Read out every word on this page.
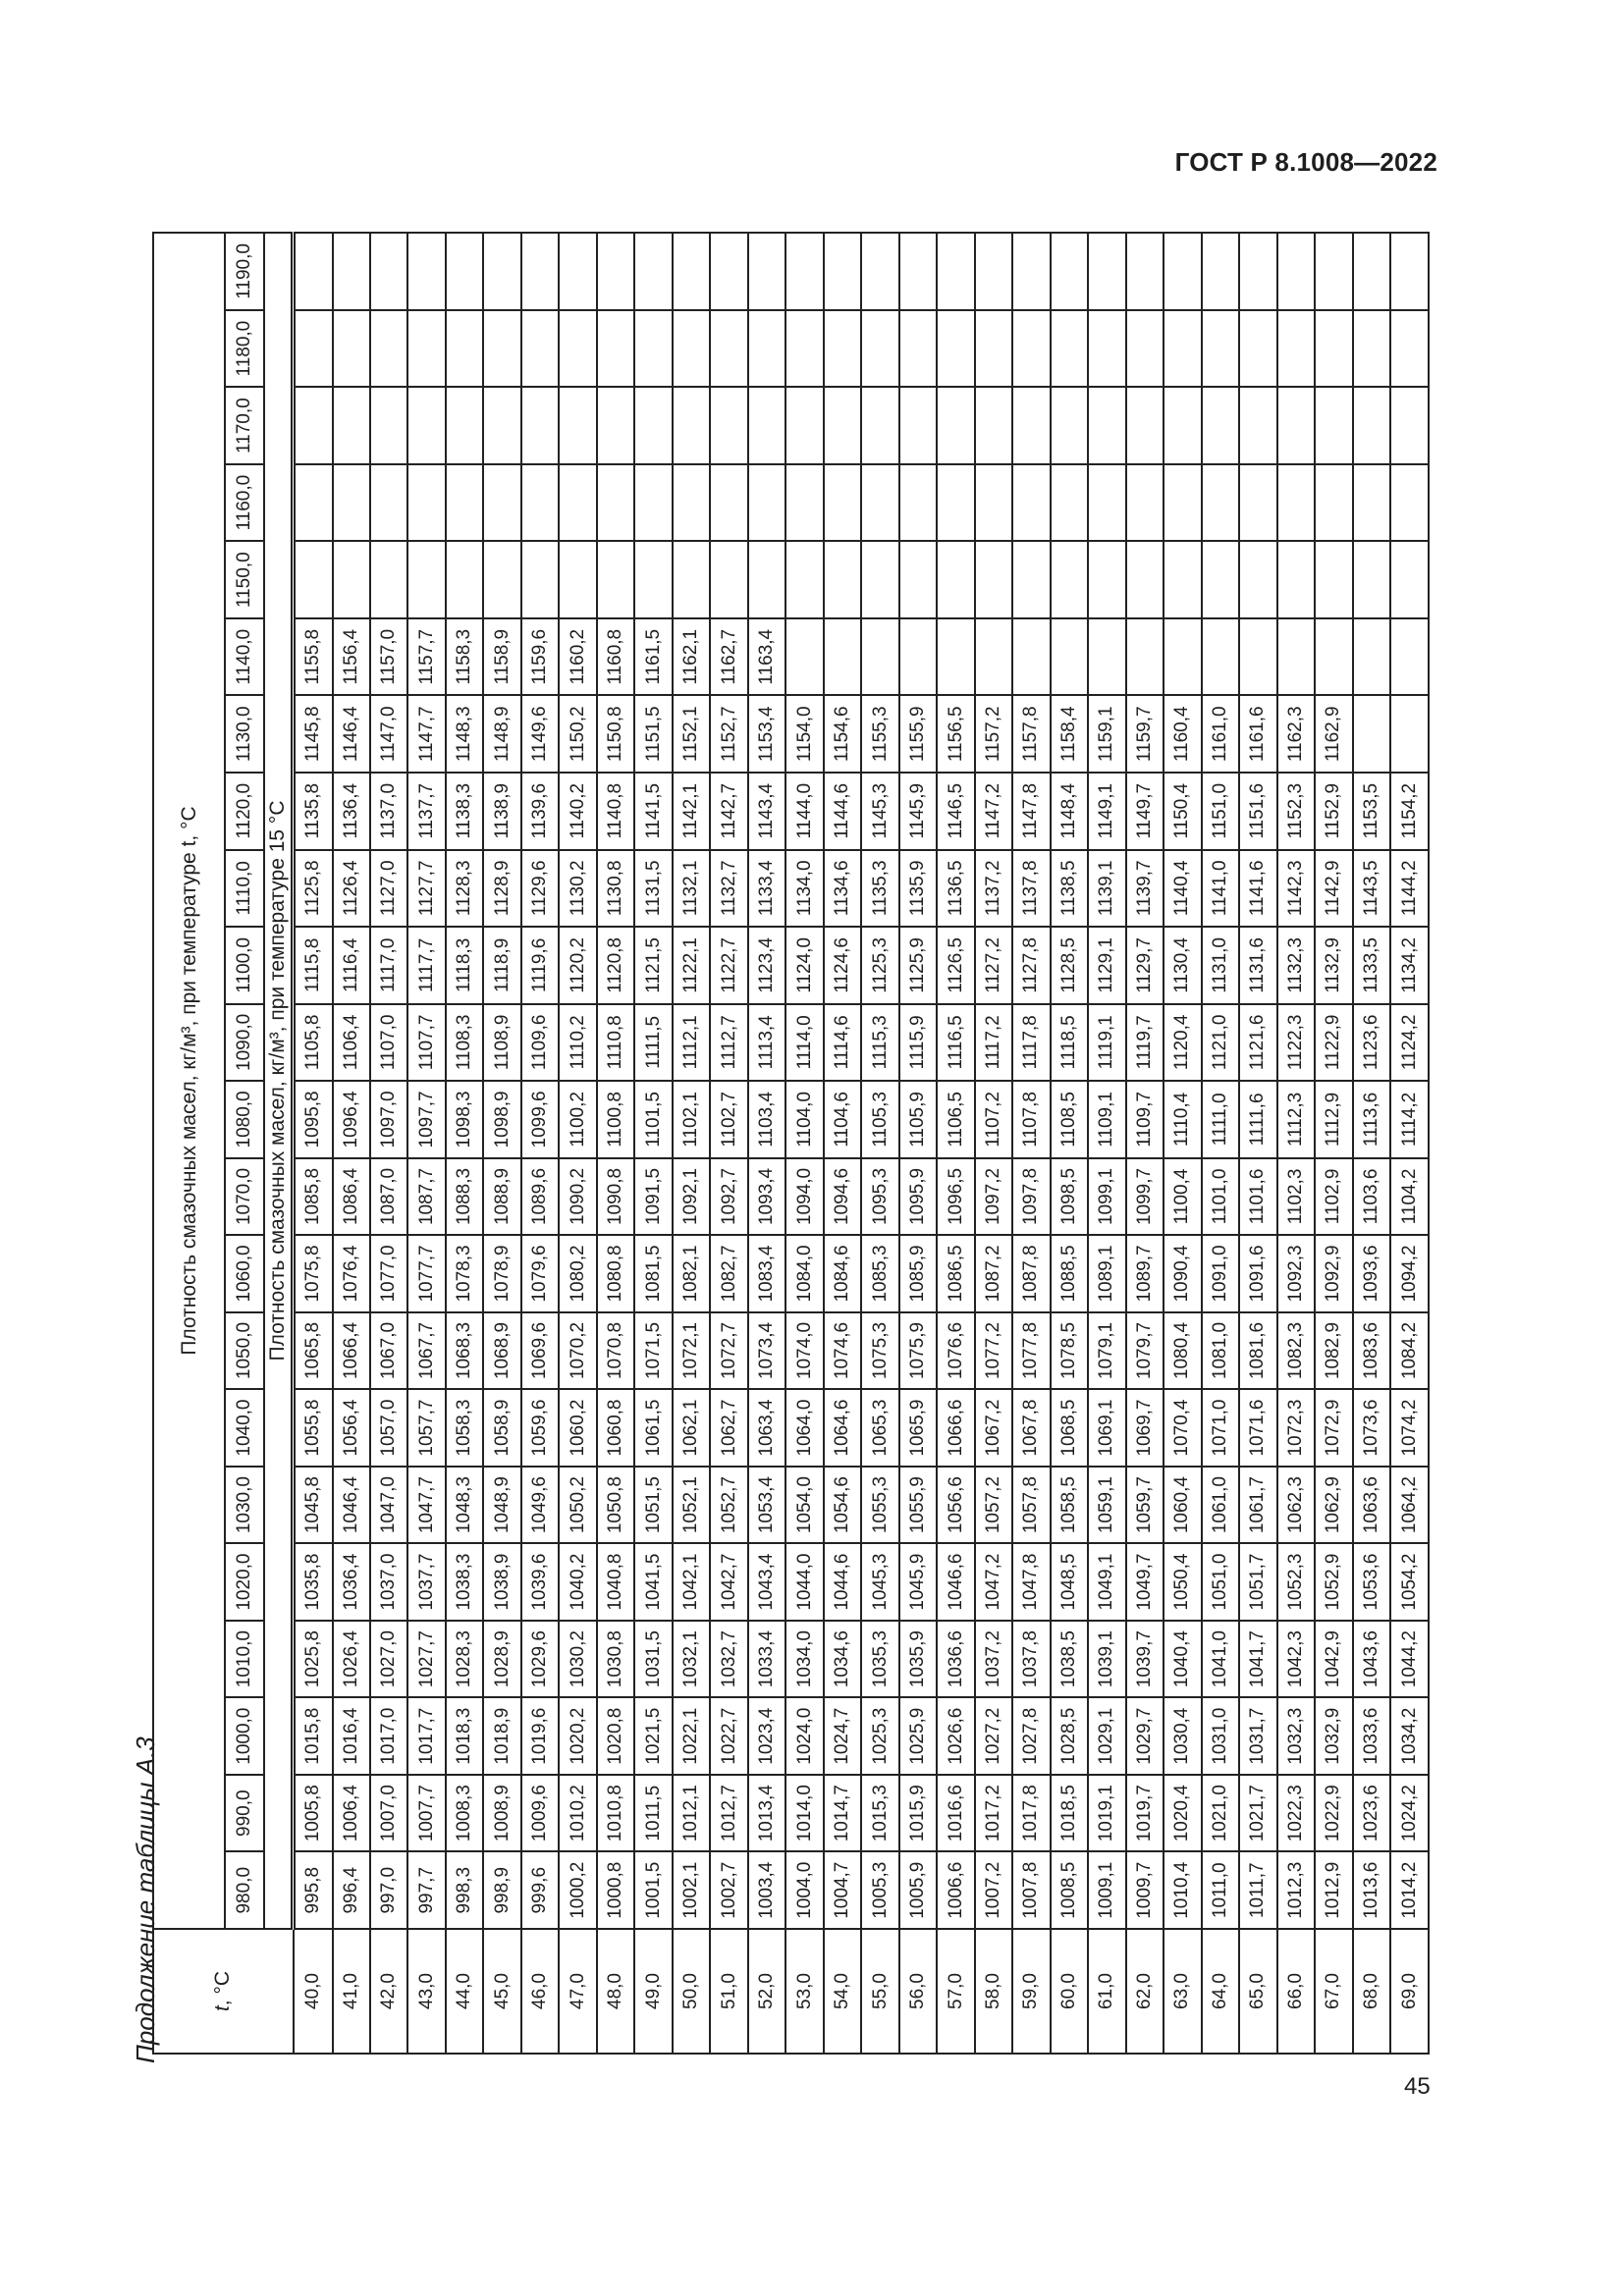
ГОСТ Р 8.1008—2022
Продолжение таблицы А.3 t, °C	Плотность смазочных масел, кг/м³, при температуре t, °C																					
	980,0	990,0	1000,0	1010,0	1020,0	1030,0	1040,0	1050,0	1060,0	1070,0	1080,0	1090,0	1100,0	1110,0	1120,0	1130,0	1140,0	1150,0	1160,0	1170,0	1180,0	1190,0
	Плотность смазочных масел, кг/м³, при температуре 15 °C																					
40,0	995,8	1005,8	1015,8	1025,8	1035,8	1045,8	1055,8	1065,8	1075,8	1085,8	1095,8	1105,8	1115,8	1125,8	1135,8	1145,8	1155,8					
41,0	996,4	1006,4	1016,4	1026,4	1036,4	1046,4	1056,4	1066,4	1076,4	1086,4	1096,4	1106,4	1116,4	1126,4	1136,4	1146,4	1156,4					
42,0	997,0	1007,0	1017,0	1027,0	1037,0	1047,0	1057,0	1067,0	1077,0	1087,0	1097,0	1107,0	1117,0	1127,0	1137,0	1147,0	1157,0					
43,0	997,7	1007,7	1017,7	1027,7	1037,7	1047,7	1057,7	1067,7	1077,7	1087,7	1097,7	1107,7	1117,7	1127,7	1137,7	1147,7	1157,7					
44,0	998,3	1008,3	1018,3	1028,3	1038,3	1048,3	1058,3	1068,3	1078,3	1088,3	1098,3	1108,3	1118,3	1128,3	1138,3	1148,3	1158,3					
45,0	998,9	1008,9	1018,9	1028,9	1038,9	1048,9	1058,9	1068,9	1078,9	1088,9	1098,9	1108,9	1118,9	1128,9	1138,9	1148,9	1158,9					
46,0	999,6	1009,6	1019,6	1029,6	1039,6	1049,6	1059,6	1069,6	1079,6	1089,6	1099,6	1109,6	1119,6	1129,6	1139,6	1149,6	1159,6					
47,0	1000,2	1010,2	1020,2	1030,2	1040,2	1050,2	1060,2	1070,2	1080,2	1090,2	1100,2	1110,2	1120,2	1130,2	1140,2	1150,2	1160,2					
48,0	1000,8	1010,8	1020,8	1030,8	1040,8	1050,8	1060,8	1070,8	1080,8	1090,8	1100,8	1110,8	1120,8	1130,8	1140,8	1150,8	1160,8					
49,0	1001,5	1011,5	1021,5	1031,5	1041,5	1051,5	1061,5	1071,5	1081,5	1091,5	1101,5	1111,5	1121,5	1131,5	1141,5	1151,5	1161,5					
50,0	1002,1	1012,1	1022,1	1032,1	1042,1	1052,1	1062,1	1072,1	1082,1	1092,1	1102,1	1112,1	1122,1	1132,1	1142,1	1152,1	1162,1					
51,0	1002,7	1012,7	1022,7	1032,7	1042,7	1052,7	1062,7	1072,7	1082,7	1092,7	1102,7	1112,7	1122,7	1132,7	1142,7	1152,7	1162,7					
52,0	1003,4	1013,4	1023,4	1033,4	1043,4	1053,4	1063,4	1073,4	1083,4	1093,4	1103,4	1113,4	1123,4	1133,4	1143,4	1153,4	1163,4					
53,0	1004,0	1014,0	1024,0	1034,0	1044,0	1054,0	1064,0	1074,0	1084,0	1094,0	1104,0	1114,0	1124,0	1134,0	1144,0	1154,0						
54,0	1004,7	1014,7	1024,7	1034,6	1044,6	1054,6	1064,6	1074,6	1084,6	1094,6	1104,6	1114,6	1124,6	1134,6	1144,6	1154,6						
55,0	1005,3	1015,3	1025,3	1035,3	1045,3	1055,3	1065,3	1075,3	1085,3	1095,3	1105,3	1115,3	1125,3	1135,3	1145,3	1155,3						
56,0	1005,9	1015,9	1025,9	1035,9	1045,9	1055,9	1065,9	1075,9	1085,9	1095,9	1105,9	1115,9	1125,9	1135,9	1145,9	1155,9						
57,0	1006,6	1016,6	1026,6	1036,6	1046,6	1056,6	1066,6	1076,6	1086,5	1096,5	1106,5	1116,5	1126,5	1136,5	1146,5	1156,5						
58,0	1007,2	1017,2	1027,2	1037,2	1047,2	1057,2	1067,2	1077,2	1087,2	1097,2	1107,2	1117,2	1127,2	1137,2	1147,2	1157,2						
59,0	1007,8	1017,8	1027,8	1037,8	1047,8	1057,8	1067,8	1077,8	1087,8	1097,8	1107,8	1117,8	1127,8	1137,8	1147,8	1157,8						
60,0	1008,5	1018,5	1028,5	1038,5	1048,5	1058,5	1068,5	1078,5	1088,5	1098,5	1108,5	1118,5	1128,5	1138,5	1148,4	1158,4						
61,0	1009,1	1019,1	1029,1	1039,1	1049,1	1059,1	1069,1	1079,1	1089,1	1099,1	1109,1	1119,1	1129,1	1139,1	1149,1	1159,1						
62,0	1009,7	1019,7	1029,7	1039,7	1049,7	1059,7	1069,7	1079,7	1089,7	1099,7	1109,7	1119,7	1129,7	1139,7	1149,7	1159,7						
63,0	1010,4	1020,4	1030,4	1040,4	1050,4	1060,4	1070,4	1080,4	1090,4	1100,4	1110,4	1120,4	1130,4	1140,4	1150,4	1160,4						
64,0	1011,0	1021,0	1031,0	1041,0	1051,0	1061,0	1071,0	1081,0	1091,0	1101,0	1111,0	1121,0	1131,0	1141,0	1151,0	1161,0						
65,0	1011,7	1021,7	1031,7	1041,7	1051,7	1061,7	1071,6	1081,6	1091,6	1101,6	1111,6	1121,6	1131,6	1141,6	1151,6	1161,6						
66,0	1012,3	1022,3	1032,3	1042,3	1052,3	1062,3	1072,3	1082,3	1092,3	1102,3	1112,3	1122,3	1132,3	1142,3	1152,3	1162,3						
67,0	1012,9	1022,9	1032,9	1042,9	1052,9	1062,9	1072,9	1082,9	1092,9	1102,9	1112,9	1122,9	1132,9	1142,9	1152,9	1162,9						
68,0	1013,6	1023,6	1033,6	1043,6	1053,6	1063,6	1073,6	1083,6	1093,6	1103,6	1113,6	1123,6	1133,5	1143,5	1153,5							
69,0	1014,2	1024,2	1034,2	1044,2	1054,2	1064,2	1074,2	1084,2	1094,2	1104,2	1114,2	1124,2	1134,2	1144,2	1154,2							
45
